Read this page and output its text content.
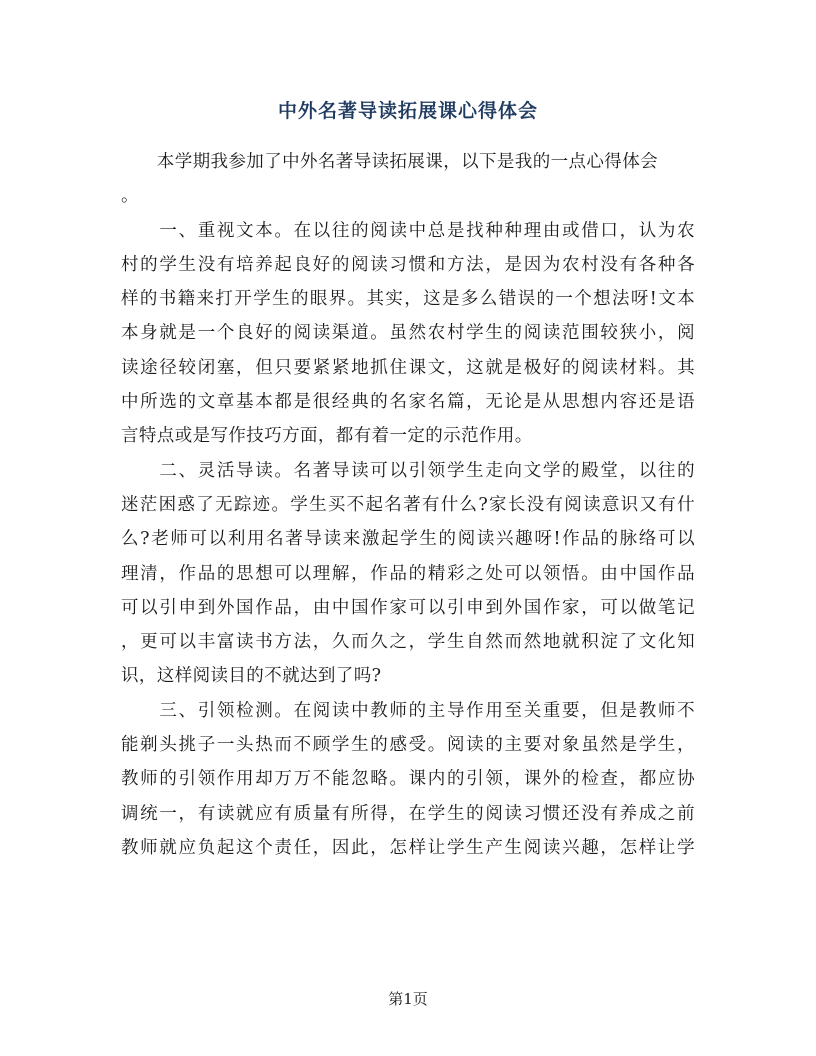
中外名著导读拓展课心得体会
　　本学期我参加了中外名著导读拓展课，以下是我的一点心得体会
。
　　一、重视文本。在以往的阅读中总是找种种理由或借口，认为农
村的学生没有培养起良好的阅读习惯和方法，是因为农村没有各种各
样的书籍来打开学生的眼界。其实，这是多么错误的一个想法呀!文本
本身就是一个良好的阅读渠道。虽然农村学生的阅读范围较狭小，阅
读途径较闭塞，但只要紧紧地抓住课文，这就是极好的阅读材料。其
中所选的文章基本都是很经典的名家名篇，无论是从思想内容还是语
言特点或是写作技巧方面，都有着一定的示范作用。
　　二、灵活导读。名著导读可以引领学生走向文学的殿堂，以往的
迷茫困惑了无踪迹。学生买不起名著有什么?家长没有阅读意识又有什
么?老师可以利用名著导读来激起学生的阅读兴趣呀!作品的脉络可以
理清，作品的思想可以理解，作品的精彩之处可以领悟。由中国作品
可以引申到外国作品，由中国作家可以引申到外国作家，可以做笔记
，更可以丰富读书方法，久而久之，学生自然而然地就积淀了文化知
识，这样阅读目的不就达到了吗?
　　三、引领检测。在阅读中教师的主导作用至关重要，但是教师不
能剃头挑子一头热而不顾学生的感受。阅读的主要对象虽然是学生，
教师的引领作用却万万不能忽略。课内的引领，课外的检查，都应协
调统一，有读就应有质量有所得，在学生的阅读习惯还没有养成之前
教师就应负起这个责任，因此，怎样让学生产生阅读兴趣，怎样让学
第1页
